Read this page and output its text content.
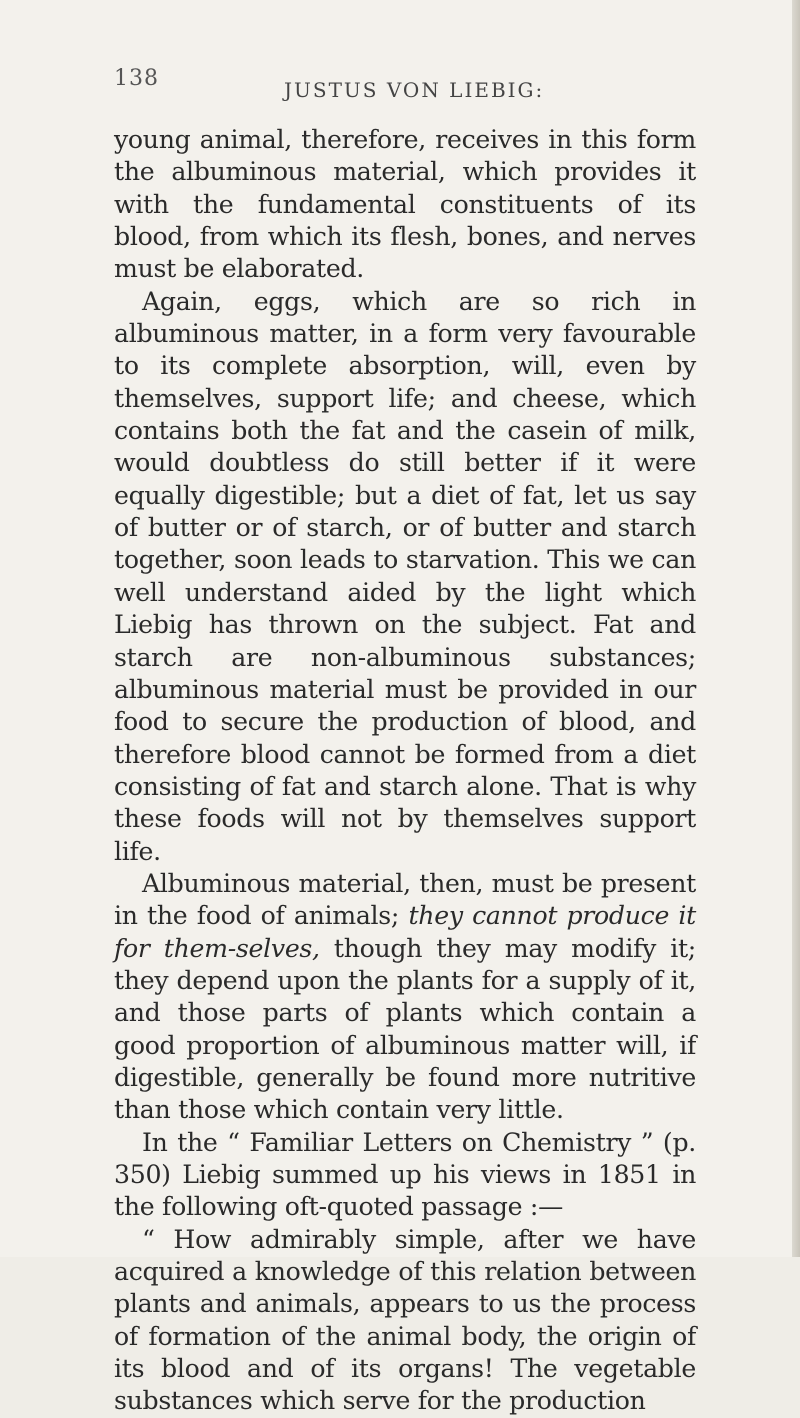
138	JUSTUS VON LIEBIG:

young animal, therefore, receives in this form the albuminous material, which provides it with the fundamental constituents of its blood, from which its flesh, bones, and nerves must be elaborated.

Again, eggs, which are so rich in albuminous matter, in a form very favourable to its complete absorption, will, even by themselves, support life; and cheese, which contains both the fat and the casein of milk, would doubtless do still better if it were equally digestible; but a diet of fat, let us say of butter or of starch, or of butter and starch together, soon leads to starvation. This we can well understand aided by the light which Liebig has thrown on the subject. Fat and starch are non-albuminous substances; albuminous material must be provided in our food to secure the production of blood, and therefore blood cannot be formed from a diet consisting of fat and starch alone. That is why these foods will not by themselves support life.

Albuminous material, then, must be present in the food of animals; they cannot produce it for them-selves, though they may modify it; they depend upon the plants for a supply of it, and those parts of plants which contain a good proportion of albuminous matter will, if digestible, generally be found more nutritive than those which contain very little.

In the “ Familiar Letters on Chemistry ” (p. 350) Liebig summed up his views in 1851 in the following oft-quoted passage :—

“ How admirably simple, after we have acquired a knowledge of this relation between plants and animals, appears to us the process of formation of the animal body, the origin of its blood and of its organs! The vegetable substances which serve for the production
